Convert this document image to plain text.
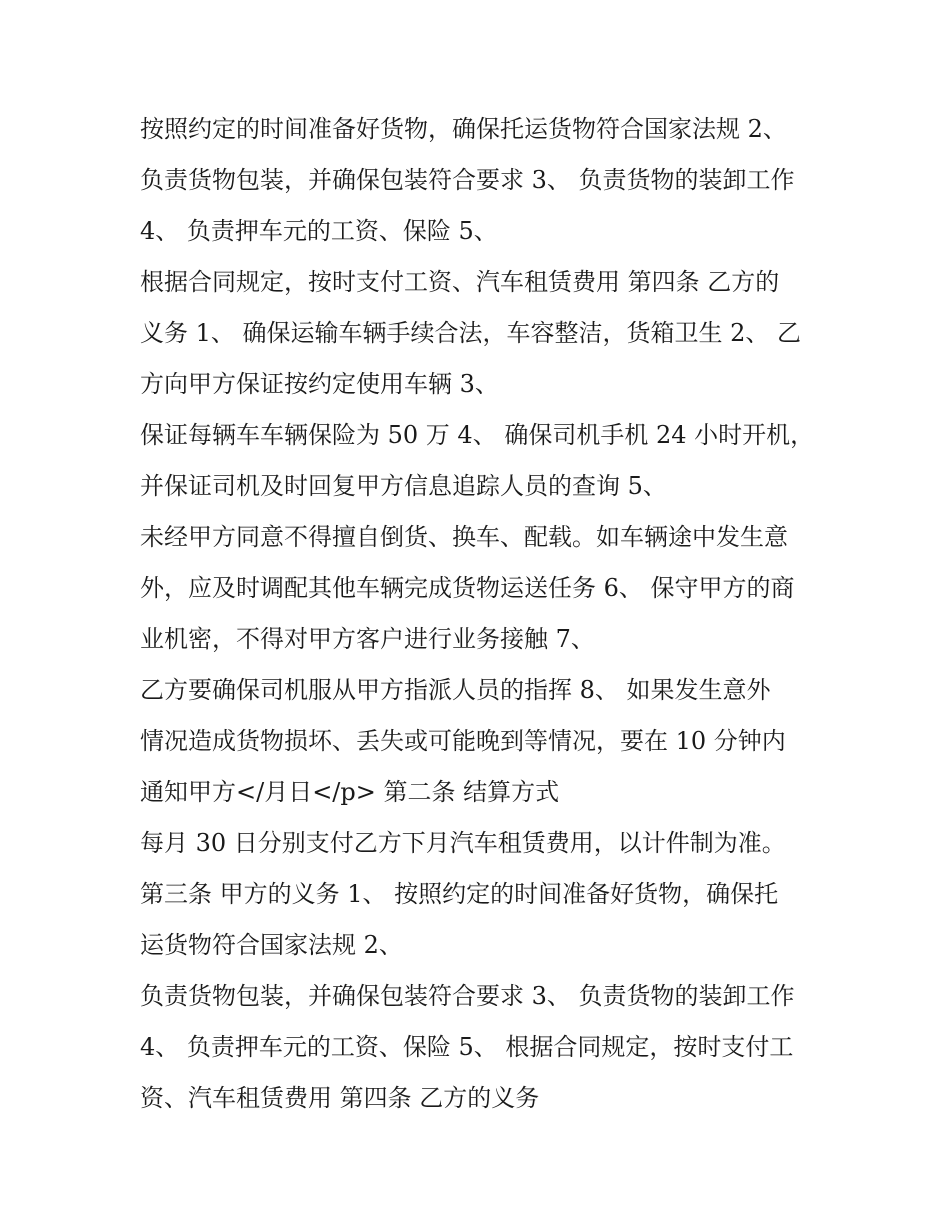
按照约定的时间准备好货物，确保托运货物符合国家法规 2、
负责货物包装，并确保包装符合要求 3、 负责货物的装卸工作
4、 负责押车元的工资、保险 5、
根据合同规定，按时支付工资、汽车租赁费用 第四条 乙方的
义务 1、 确保运输车辆手续合法，车容整洁，货箱卫生 2、 乙
方向甲方保证按约定使用车辆 3、
保证每辆车车辆保险为 50 万 4、 确保司机手机 24 小时开机，
并保证司机及时回复甲方信息追踪人员的查询 5、
未经甲方同意不得擅自倒货、换车、配载。如车辆途中发生意
外，应及时调配其他车辆完成货物运送任务 6、 保守甲方的商
业机密，不得对甲方客户进行业务接触 7、
乙方要确保司机服从甲方指派人员的指挥 8、 如果发生意外
情况造成货物损坏、丢失或可能晚到等情况，要在 10 分钟内
通知甲方</月日</p> 第二条 结算方式
每月 30 日分别支付乙方下月汽车租赁费用，以计件制为准。
第三条 甲方的义务 1、 按照约定的时间准备好货物，确保托
运货物符合国家法规 2、
负责货物包装，并确保包装符合要求 3、 负责货物的装卸工作
4、 负责押车元的工资、保险 5、 根据合同规定，按时支付工
资、汽车租赁费用 第四条 乙方的义务
